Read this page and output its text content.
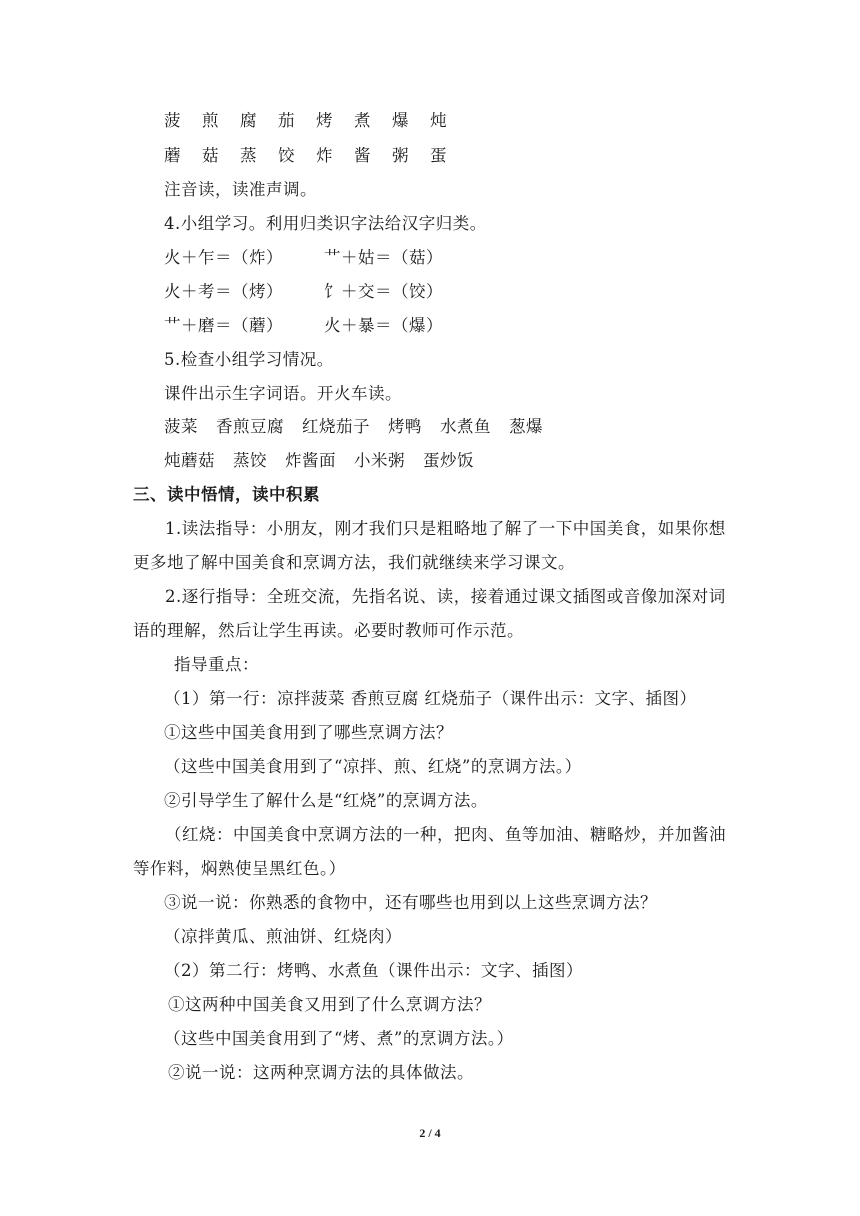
菠 煎 腐 茄 烤 煮 爆 炖
蘑 菇 蒸 饺 炸 酱 粥 蛋
注音读，读准声调。
4.小组学习。利用归类识字法给汉字归类。
火＋乍＝（炸） 艹＋姑＝（菇）
火＋考＝（烤） 饣＋交＝（饺）
艹＋磨＝（蘑） 火＋暴＝（爆）
5.检查小组学习情况。
课件出示生字词语。开火车读。
菠菜 香煎豆腐 红烧茄子 烤鸭 水煮鱼 葱爆
炖蘑菇 蒸饺 炸酱面 小米粥 蛋炒饭
三、读中悟情，读中积累
1.读法指导：小朋友，刚才我们只是粗略地了解了一下中国美食，如果你想更多地了解中国美食和烹调方法，我们就继续来学习课文。
2.逐行指导：全班交流，先指名说、读，接着通过课文插图或音像加深对词语的理解，然后让学生再读。必要时教师可作示范。
指导重点：
（1）第一行：凉拌菠菜 香煎豆腐 红烧茄子（课件出示：文字、插图）
①这些中国美食用到了哪些烹调方法？
（这些中国美食用到了“凉拌、煎、红烧”的烹调方法。）
②引导学生了解什么是“红烧”的烹调方法。
（红烧：中国美食中烹调方法的一种，把肉、鱼等加油、糖略炒，并加酱油等作料，焖熟使呈黑红色。）
③说一说：你熟悉的食物中，还有哪些也用到以上这些烹调方法？
（凉拌黄瓜、煎油饼、红烧肉）
（2）第二行：烤鸭、水煮鱼（课件出示：文字、插图）
①这两种中国美食又用到了什么烹调方法？
（这些中国美食用到了“烤、煮”的烹调方法。）
②说一说：这两种烹调方法的具体做法。
2 / 4
